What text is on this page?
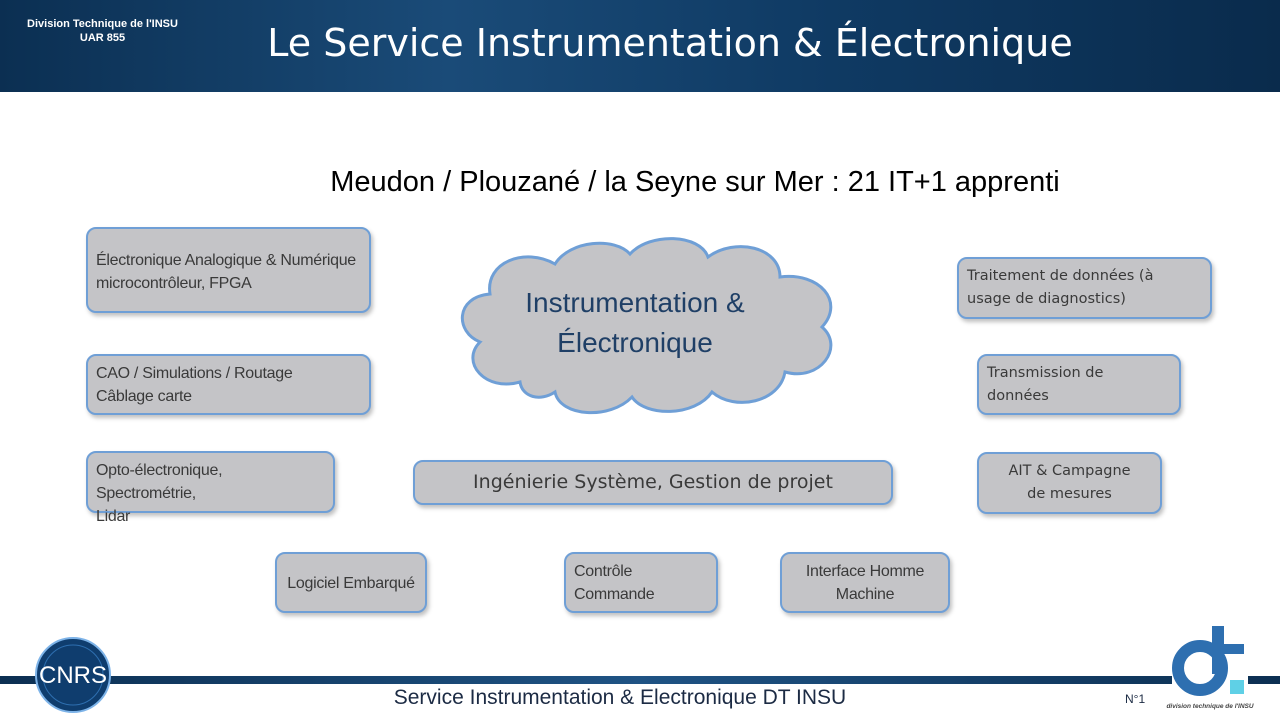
Division Technique de l'INSU
UAR 855	Le Service Instrumentation & Électronique
Meudon / Plouzané / la Seyne sur Mer : 21 IT+1 apprenti
Instrumentation &
Électronique
Électronique Analogique & Numérique
microcontrôleur, FPGA
CAO / Simulations / Routage
Câblage carte
Opto-électronique, Spectrométrie,
Lidar
Ingénierie Système, Gestion de projet
Logiciel Embarqué
Contrôle
Commande
Interface Homme
Machine
Traitement de données (à
usage de diagnostics)
Transmission de
données
AIT & Campagne
de mesures
Service Instrumentation & Electronique DT INSU	N°1
CNRS
division technique de l'INSU
